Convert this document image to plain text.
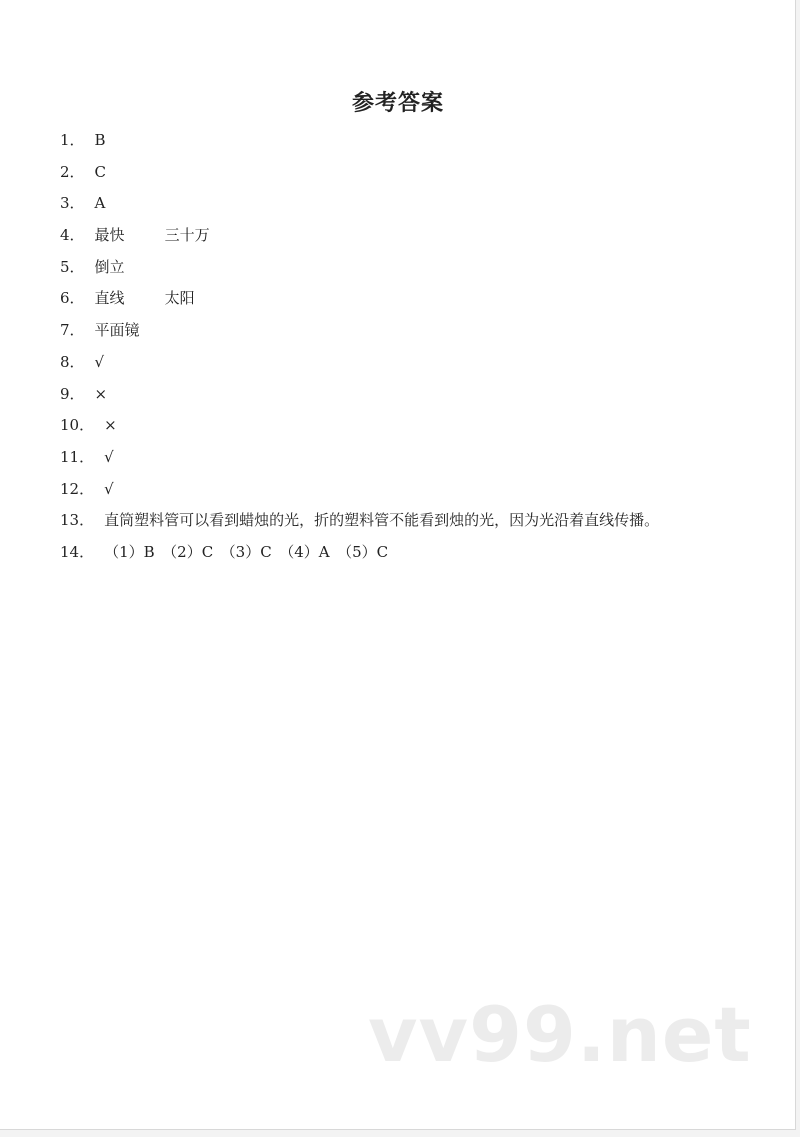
参考答案
1． B
2． C
3． A
4． 最快	三十万
5． 倒立
6． 直线	太阳
7． 平面镜
8． √
9． ×
10． ×
11． √
12． √
13． 直筒塑料管可以看到蜡烛的光，折的塑料管不能看到烛的光，因为光沿着直线传播。
14． （1）B　（2）C　（3）C　（4）A　（5）C
vv99.net
